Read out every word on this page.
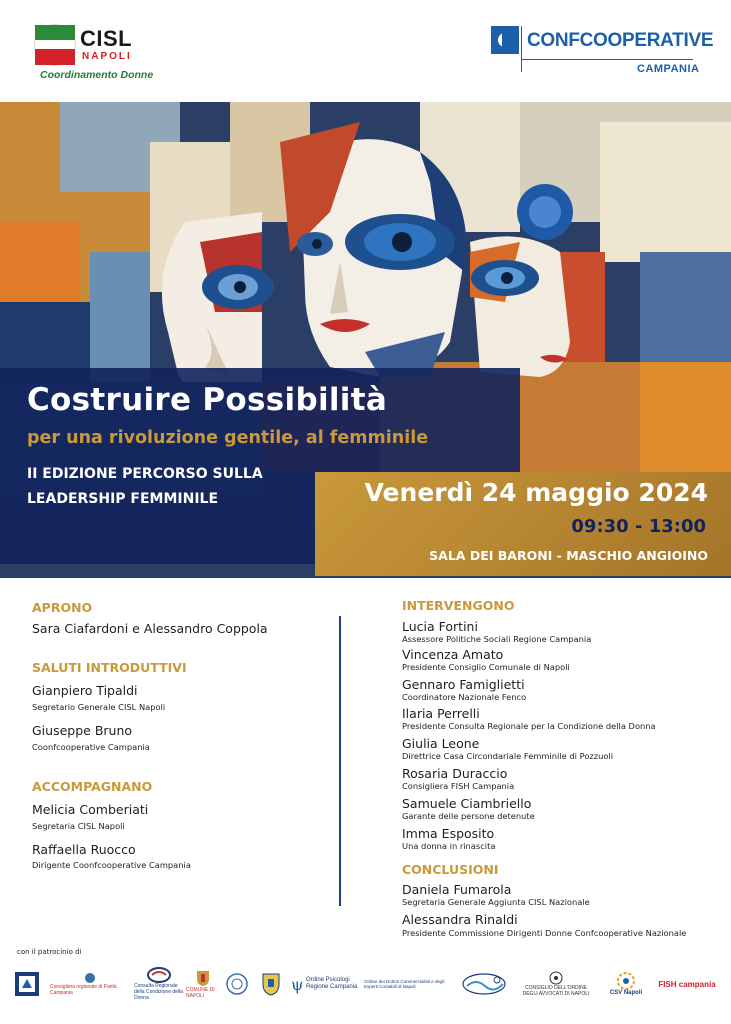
CISL
NAPOLI
Coordinamento Donne
CONFCOOPERATIVE
CAMPANIA
Costruire Possibilità
per una rivoluzione gentile, al femminile
II EDIZIONE PERCORSO SULLA
LEADERSHIP FEMMINILE	Venerdì 24 maggio 2024
09:30 - 13:00
SALA DEI BARONI - MASCHIO ANGIOINO
APRONO
Sara Ciafardoni e Alessandro Coppola
SALUTI INTRODUTTIVI
Gianpiero Tipaldi
Segretario Generale CISL Napoli
Giuseppe Bruno
Coonfcooperative Campania
ACCOMPAGNANO
Melicia Comberiati
Segretaria CISL Napoli
Raffaella Ruocco
Dirigente Coonfcooperative Campania
INTERVENGONO
Lucia Fortini
Assessore Politiche Sociali Regione Campania
Vincenza Amato
Presidente Consiglio Comunale di Napoli
Gennaro Famiglietti
Coordinatore Nazionale Fenco
Ilaria Perrelli
Presidente Consulta Regionale per la Condizione della Donna
Giulia Leone
Direttrice Casa Circondariale Femminile di Pozzuoli
Rosaria Duraccio
Consigliera FISH Campania
Samuele Ciambriello
Garante delle persone detenute
Imma Esposito
Una donna in rinascita
CONCLUSIONI
Daniela Fumarola
Segretaria Generale Aggiunta CISL Nazionale
Alessandra Rinaldi
Presidente Commissione Dirigenti Donne Confcooperative Nazionale
con il patrocinio di
Consigliera regionale di Parità Campania
Consulta Regionale della Condizione della Donna
COMUNE DI NAPOLI
ψ Ordine Psicologi Regione Campania
Ordine dei Dottori Commercialisti e degli Esperti Contabili di Napoli	CONSIGLIO DELL'ORDINE DEGLI AVVOCATI DI NAPOLI	CSV Napoli
FISH campania
